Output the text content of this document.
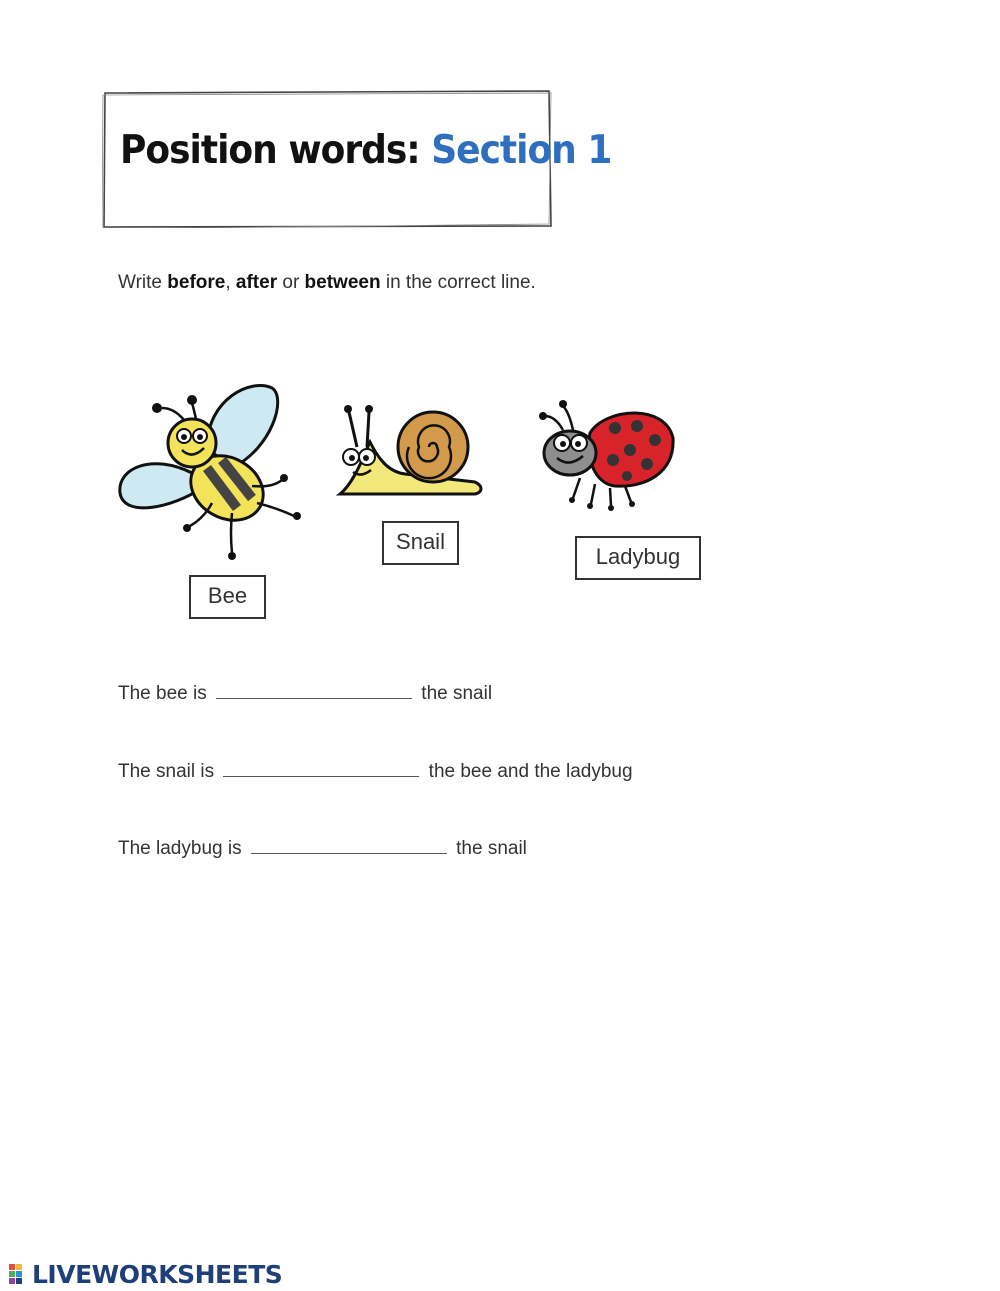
Position words: Section 1
Write before, after or between in the correct line.
Bee
Snail
Ladybug
The bee is	the snail
The snail is	the bee and the ladybug
The ladybug is	the snail
LIVEWORKSHEETS
